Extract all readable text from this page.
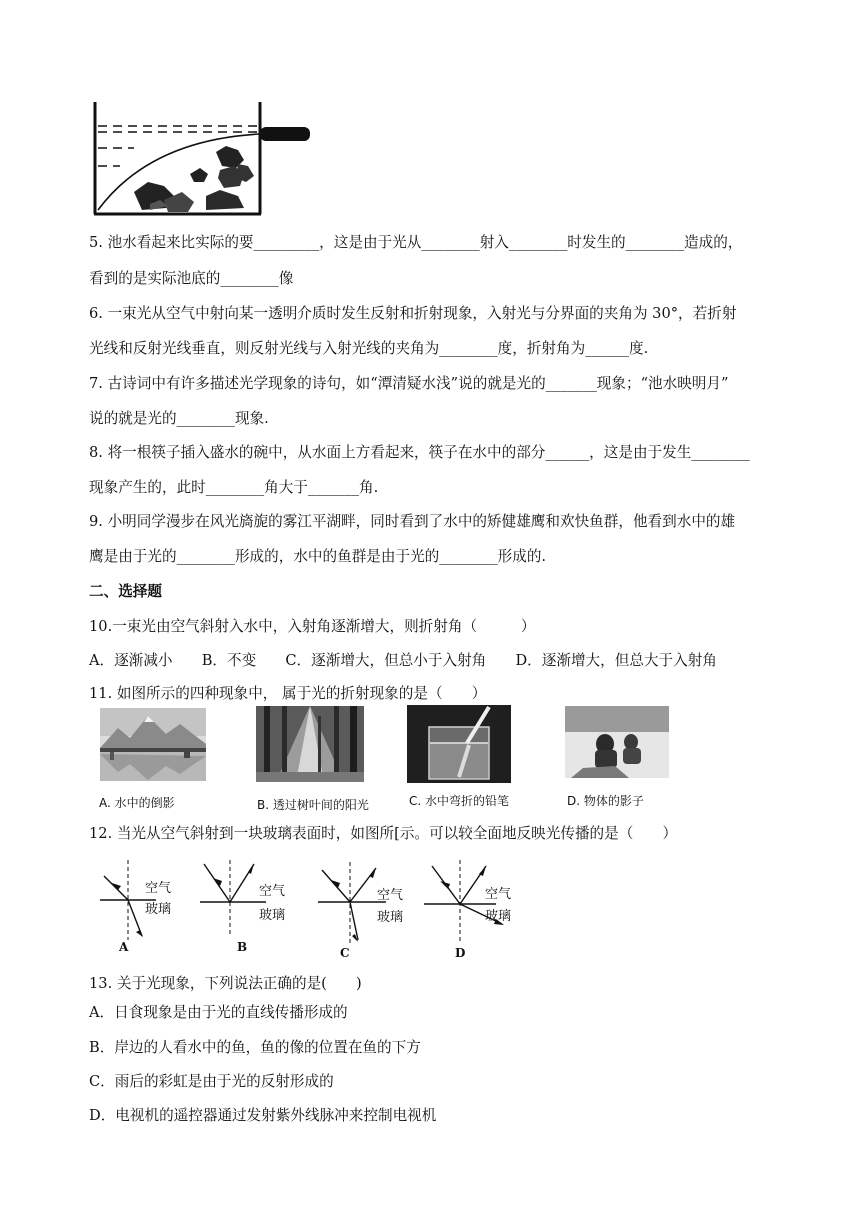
5. 池水看起来比实际的要_________，这是由于光从________射入________时发生的________造成的，
看到的是实际池底的________像
6. 一束光从空气中射向某一透明介质时发生反射和折射现象，入射光与分界面的夹角为 30°，若折射
光线和反射光线垂直，则反射光线与入射光线的夹角为________度，折射角为______度.
7. 古诗词中有许多描述光学现象的诗句，如“潭清疑水浅”说的就是光的_______现象；“池水映明月”
说的就是光的________现象.
8. 将一根筷子插入盛水的碗中，从水面上方看起来，筷子在水中的部分______，这是由于发生________
现象产生的，此时________角大于_______角.
9. 小明同学漫步在风光旖旎的雾江平湖畔，同时看到了水中的矫健雄鹰和欢快鱼群，他看到水中的雄
鹰是由于光的________形成的，水中的鱼群是由于光的________形成的.
二、选择题
10.一束光由空气斜射入水中，入射角逐渐增大，则折射角（　　　）
A．逐渐减小　　B．不变　　C．逐渐增大，但总小于入射角　　D．逐渐增大，但总大于入射角
11. 如图所示的四种现象中， 属于光的折射现象的是（　　）
A. 水中的倒影	B. 透过树叶间的阳光	C. 水中弯折的铅笔	D. 物体的影子
12. 当光从空气斜射到一块玻璃表面时，如图所[示。可以较全面地反映光传播的是（　　）
空气
玻璃
A
空气
玻璃
B
空气
玻璃
C
空气
玻璃
D
13. 关于光现象，下列说法正确的是(　　)
A．日食现象是由于光的直线传播形成的
B．岸边的人看水中的鱼，鱼的像的位置在鱼的下方
C．雨后的彩虹是由于光的反射形成的
D．电视机的遥控器通过发射紫外线脉冲来控制电视机
